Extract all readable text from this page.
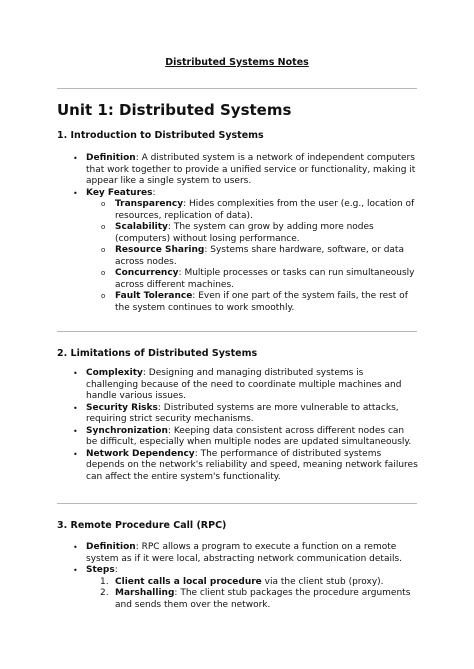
Distributed Systems Notes
Unit 1: Distributed Systems
1. Introduction to Distributed Systems
• Definition: A distributed system is a network of independent computers that work together to provide a unified service or functionality, making it appear like a single system to users.
• Key Features:
o Transparency: Hides complexities from the user (e.g., location of resources, replication of data).
o Scalability: The system can grow by adding more nodes (computers) without losing performance.
o Resource Sharing: Systems share hardware, software, or data across nodes.
o Concurrency: Multiple processes or tasks can run simultaneously across different machines.
o Fault Tolerance: Even if one part of the system fails, the rest of the system continues to work smoothly.
2. Limitations of Distributed Systems
• Complexity: Designing and managing distributed systems is challenging because of the need to coordinate multiple machines and handle various issues.
• Security Risks: Distributed systems are more vulnerable to attacks, requiring strict security mechanisms.
• Synchronization: Keeping data consistent across different nodes can be difficult, especially when multiple nodes are updated simultaneously.
• Network Dependency: The performance of distributed systems depends on the network's reliability and speed, meaning network failures can affect the entire system's functionality.
3. Remote Procedure Call (RPC)
• Definition: RPC allows a program to execute a function on a remote system as if it were local, abstracting network communication details.
• Steps:
1. Client calls a local procedure via the client stub (proxy).
2. Marshalling: The client stub packages the procedure arguments and sends them over the network.
